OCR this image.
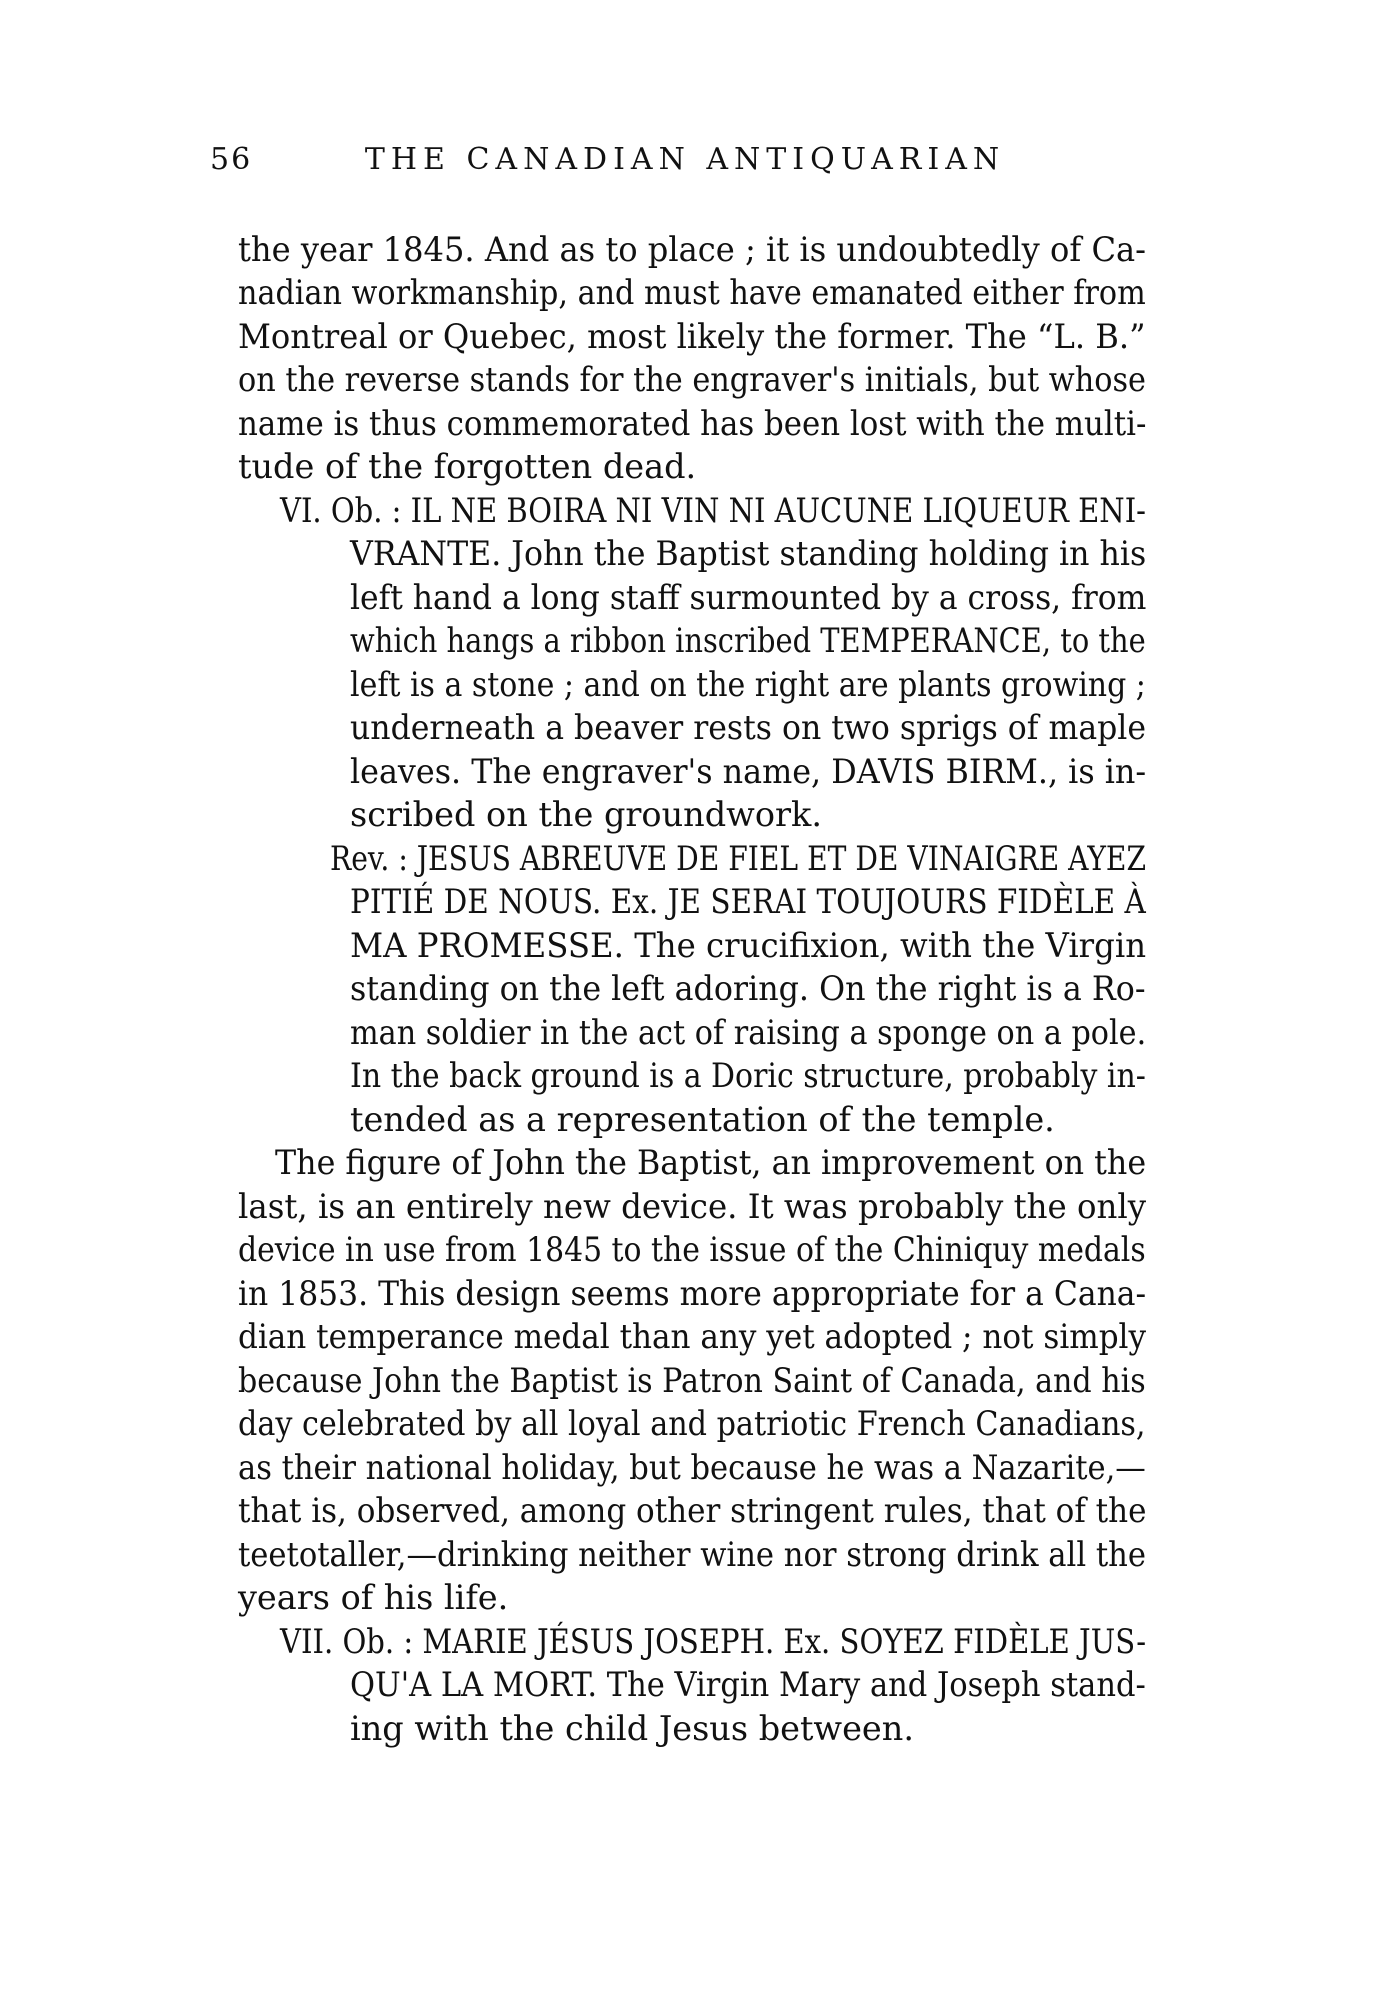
56	THE CANADIAN ANTIQUARIAN
the year 1845. And as to place ; it is undoubtedly of Ca-
nadian workmanship, and must have emanated either from
Montreal or Quebec, most likely the former. The “L. B.”
on the reverse stands for the engraver's initials, but whose
name is thus commemorated has been lost with the multi-
tude of the forgotten dead.
VI. Ob. : IL NE BOIRA NI VIN NI AUCUNE LIQUEUR ENI-
VRANTE. John the Baptist standing holding in his
left hand a long staff surmounted by a cross, from
which hangs a ribbon inscribed TEMPERANCE, to the
left is a stone ; and on the right are plants growing ;
underneath a beaver rests on two sprigs of maple
leaves. The engraver's name, DAVIS BIRM., is in-
scribed on the groundwork.
Rev. : JESUS ABREUVE DE FIEL ET DE VINAIGRE AYEZ
PITIÉ DE NOUS. Ex. JE SERAI TOUJOURS FIDÈLE À
MA PROMESSE. The crucifixion, with the Virgin
standing on the left adoring. On the right is a Ro-
man soldier in the act of raising a sponge on a pole.
In the back ground is a Doric structure, probably in-
tended as a representation of the temple.
The figure of John the Baptist, an improvement on the
last, is an entirely new device. It was probably the only
device in use from 1845 to the issue of the Chiniquy medals
in 1853. This design seems more appropriate for a Cana-
dian temperance medal than any yet adopted ; not simply
because John the Baptist is Patron Saint of Canada, and his
day celebrated by all loyal and patriotic French Canadians,
as their national holiday, but because he was a Nazarite,—
that is, observed, among other stringent rules, that of the
teetotaller,—drinking neither wine nor strong drink all the
years of his life.
VII. Ob. : MARIE JÉSUS JOSEPH. Ex. SOYEZ FIDÈLE JUS-
QU'A LA MORT. The Virgin Mary and Joseph stand-
ing with the child Jesus between.
